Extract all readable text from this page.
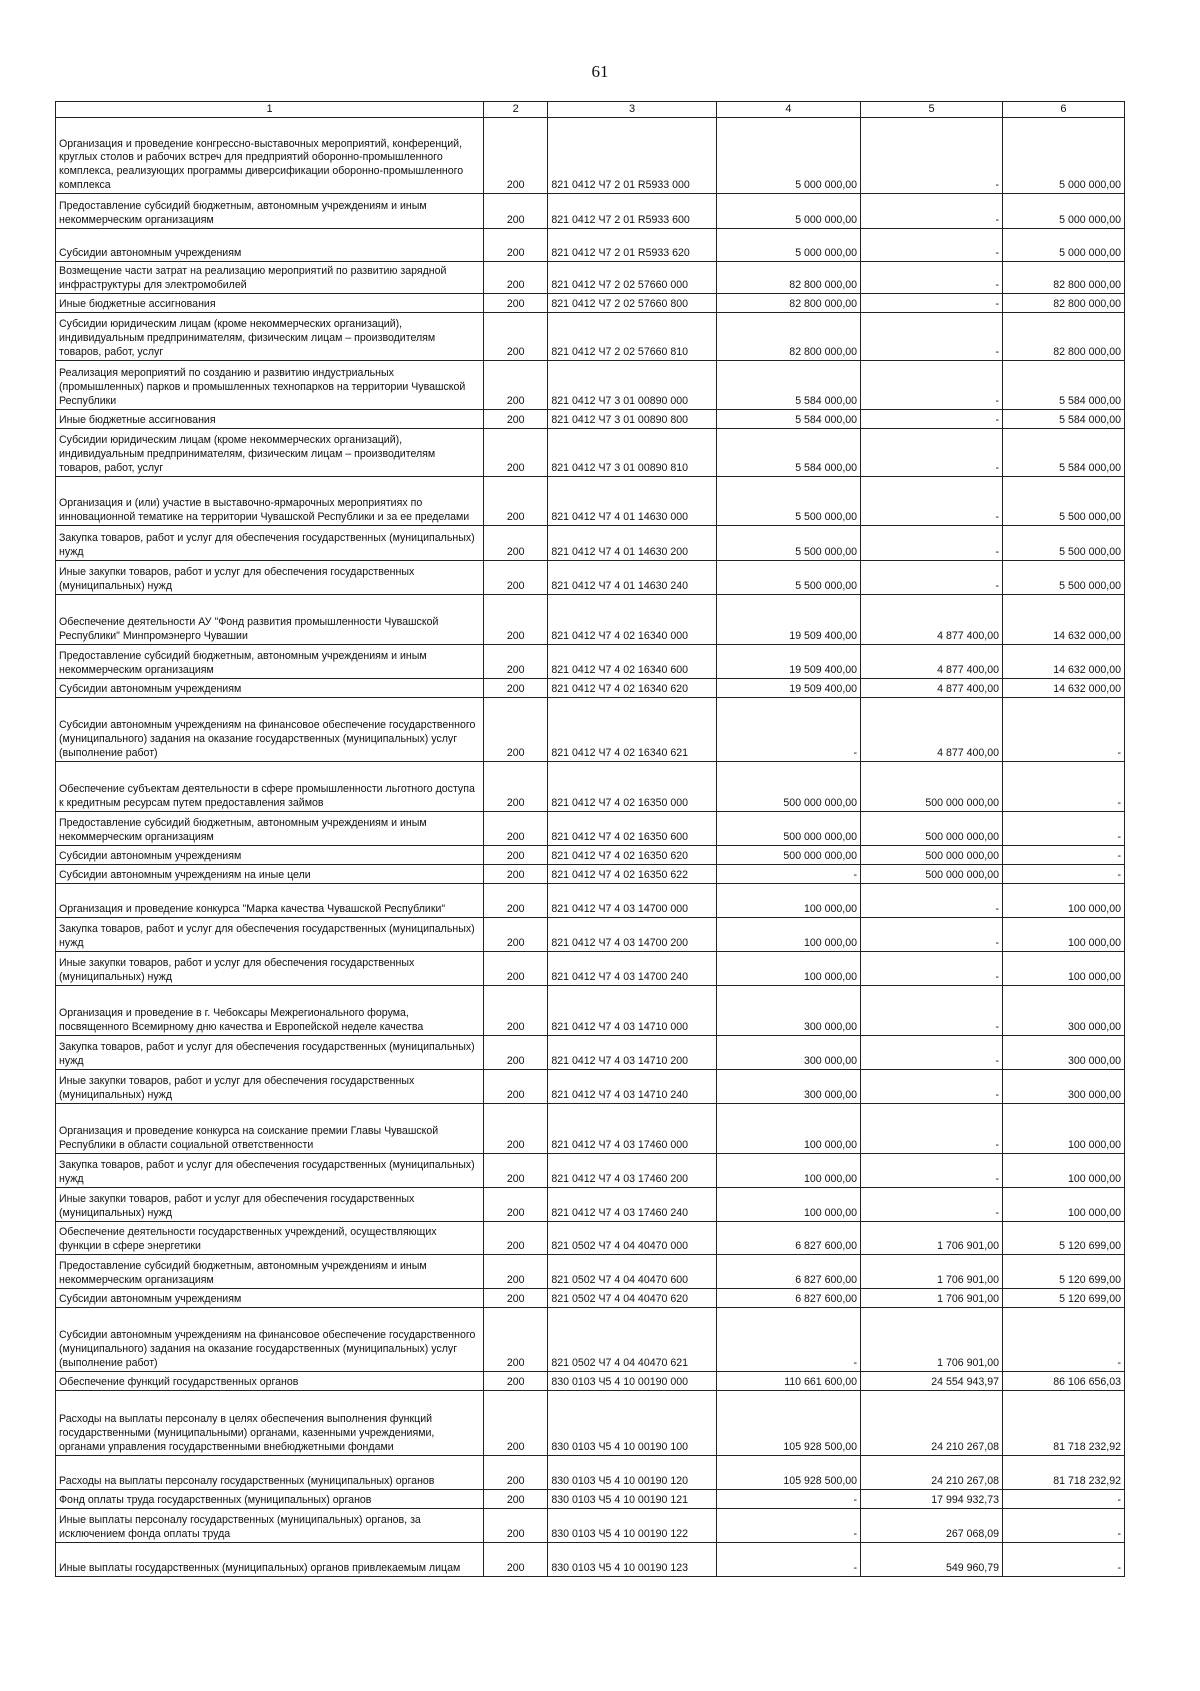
61
1	2	3	4	5	6
Организация и проведение конгрессно-выставочных мероприятий, конференций, круглых столов и рабочих встреч для предприятий оборонно-промышленного комплекса, реализующих программы диверсификации оборонно-промышленного комплекса	200	821 0412 Ч7 2 01 R5933 000	5 000 000,00	-	5 000 000,00
Предоставление субсидий бюджетным, автономным учреждениям и иным некоммерческим организациям	200	821 0412 Ч7 2 01 R5933 600	5 000 000,00	-	5 000 000,00
Субсидии автономным учреждениям	200	821 0412 Ч7 2 01 R5933 620	5 000 000,00	-	5 000 000,00
Возмещение части затрат на реализацию мероприятий по развитию зарядной инфраструктуры для электромобилей	200	821 0412 Ч7 2 02 57660 000	82 800 000,00	-	82 800 000,00
Иные бюджетные ассигнования	200	821 0412 Ч7 2 02 57660 800	82 800 000,00	-	82 800 000,00
Субсидии юридическим лицам (кроме некоммерческих организаций), индивидуальным предпринимателям, физическим лицам – производителям товаров, работ, услуг	200	821 0412 Ч7 2 02 57660 810	82 800 000,00	-	82 800 000,00
Реализация мероприятий по созданию и развитию индустриальных (промышленных) парков и промышленных технопарков на территории Чувашской Республики	200	821 0412 Ч7 3 01 00890 000	5 584 000,00	-	5 584 000,00
Иные бюджетные ассигнования	200	821 0412 Ч7 3 01 00890 800	5 584 000,00	-	5 584 000,00
Субсидии юридическим лицам (кроме некоммерческих организаций), индивидуальным предпринимателям, физическим лицам – производителям товаров, работ, услуг	200	821 0412 Ч7 3 01 00890 810	5 584 000,00	-	5 584 000,00
Организация и (или) участие в выставочно-ярмарочных мероприятиях по инновационной тематике на территории Чувашской Республики и за ее пределами	200	821 0412 Ч7 4 01 14630 000	5 500 000,00	-	5 500 000,00
Закупка товаров, работ и услуг для обеспечения государственных (муниципальных) нужд	200	821 0412 Ч7 4 01 14630 200	5 500 000,00	-	5 500 000,00
Иные закупки товаров, работ и услуг для обеспечения государственных (муниципальных) нужд	200	821 0412 Ч7 4 01 14630 240	5 500 000,00	-	5 500 000,00
Обеспечение деятельности АУ "Фонд развития промышленности Чувашской Республики" Минпромэнерго Чувашии	200	821 0412 Ч7 4 02 16340 000	19 509 400,00	4 877 400,00	14 632 000,00
Предоставление субсидий бюджетным, автономным учреждениям и иным некоммерческим организациям	200	821 0412 Ч7 4 02 16340 600	19 509 400,00	4 877 400,00	14 632 000,00
Субсидии автономным учреждениям	200	821 0412 Ч7 4 02 16340 620	19 509 400,00	4 877 400,00	14 632 000,00
Субсидии автономным учреждениям на финансовое обеспечение государственного (муниципального) задания на оказание государственных (муниципальных) услуг (выполнение работ)	200	821 0412 Ч7 4 02 16340 621	-	4 877 400,00	-
Обеспечение субъектам деятельности в сфере промышленности льготного доступа к кредитным ресурсам путем предоставления займов	200	821 0412 Ч7 4 02 16350 000	500 000 000,00	500 000 000,00	-
Предоставление субсидий бюджетным, автономным учреждениям и иным некоммерческим организациям	200	821 0412 Ч7 4 02 16350 600	500 000 000,00	500 000 000,00	-
Субсидии автономным учреждениям	200	821 0412 Ч7 4 02 16350 620	500 000 000,00	500 000 000,00	-
Субсидии автономным учреждениям на иные цели	200	821 0412 Ч7 4 02 16350 622	-	500 000 000,00	-
Организация и проведение конкурса "Марка качества Чувашской Республики"	200	821 0412 Ч7 4 03 14700 000	100 000,00	-	100 000,00
Закупка товаров, работ и услуг для обеспечения государственных (муниципальных) нужд	200	821 0412 Ч7 4 03 14700 200	100 000,00	-	100 000,00
Иные закупки товаров, работ и услуг для обеспечения государственных (муниципальных) нужд	200	821 0412 Ч7 4 03 14700 240	100 000,00	-	100 000,00
Организация и проведение в г. Чебоксары Межрегионального форума, посвященного Всемирному дню качества и Европейской неделе качества	200	821 0412 Ч7 4 03 14710 000	300 000,00	-	300 000,00
Закупка товаров, работ и услуг для обеспечения государственных (муниципальных) нужд	200	821 0412 Ч7 4 03 14710 200	300 000,00	-	300 000,00
Иные закупки товаров, работ и услуг для обеспечения государственных (муниципальных) нужд	200	821 0412 Ч7 4 03 14710 240	300 000,00	-	300 000,00
Организация и проведение конкурса на соискание премии Главы Чувашской Республики в области социальной ответственности	200	821 0412 Ч7 4 03 17460 000	100 000,00	-	100 000,00
Закупка товаров, работ и услуг для обеспечения государственных (муниципальных) нужд	200	821 0412 Ч7 4 03 17460 200	100 000,00	-	100 000,00
Иные закупки товаров, работ и услуг для обеспечения государственных (муниципальных) нужд	200	821 0412 Ч7 4 03 17460 240	100 000,00	-	100 000,00
Обеспечение деятельности государственных учреждений, осуществляющих функции в сфере энергетики	200	821 0502 Ч7 4 04 40470 000	6 827 600,00	1 706 901,00	5 120 699,00
Предоставление субсидий бюджетным, автономным учреждениям и иным некоммерческим организациям	200	821 0502 Ч7 4 04 40470 600	6 827 600,00	1 706 901,00	5 120 699,00
Субсидии автономным учреждениям	200	821 0502 Ч7 4 04 40470 620	6 827 600,00	1 706 901,00	5 120 699,00
Субсидии автономным учреждениям на финансовое обеспечение государственного (муниципального) задания на оказание государственных (муниципальных) услуг (выполнение работ)	200	821 0502 Ч7 4 04 40470 621	-	1 706 901,00	-
Обеспечение функций государственных органов	200	830 0103 Ч5 4 10 00190 000	110 661 600,00	24 554 943,97	86 106 656,03
Расходы на выплаты персоналу в целях обеспечения выполнения функций государственными (муниципальными) органами, казенными учреждениями, органами управления государственными внебюджетными фондами	200	830 0103 Ч5 4 10 00190 100	105 928 500,00	24 210 267,08	81 718 232,92
Расходы на выплаты персоналу государственных (муниципальных) органов	200	830 0103 Ч5 4 10 00190 120	105 928 500,00	24 210 267,08	81 718 232,92
Фонд оплаты труда государственных (муниципальных) органов	200	830 0103 Ч5 4 10 00190 121	-	17 994 932,73	-
Иные выплаты персоналу государственных (муниципальных) органов, за исключением фонда оплаты труда	200	830 0103 Ч5 4 10 00190 122	-	267 068,09	-
Иные выплаты государственных (муниципальных) органов привлекаемым лицам	200	830 0103 Ч5 4 10 00190 123	-	549 960,79	-
